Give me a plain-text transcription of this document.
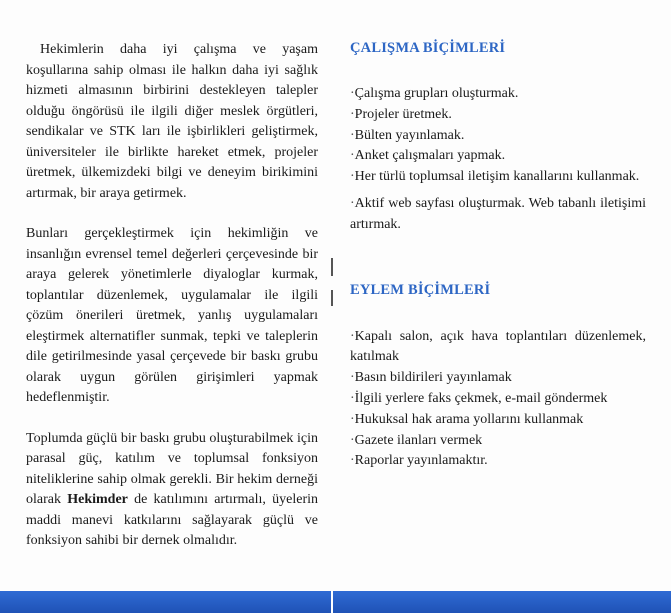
Hekimlerin daha iyi çalışma ve yaşam koşullarına sahip olması ile halkın daha iyi sağlık hizmeti almasının birbirini destekleyen talepler olduğu öngörüsü ile ilgili diğer meslek örgütleri, sendikalar ve STK ları ile işbirlikleri geliştirmek, üniversiteler ile birlikte hareket etmek, projeler üretmek, ülkemizdeki bilgi ve deneyim birikimini artırmak, bir araya getirmek.

Bunları gerçekleştirmek için hekimliğin ve insanlığın evrensel temel değerleri çerçevesinde bir araya gelerek yönetimlerle diyaloglar kurmak, toplantılar düzenlemek, uygulamalar ile ilgili çözüm önerileri üretmek, yanlış uygulamaları eleştirmek alternatifler sunmak, tepki ve taleplerin dile getirilmesinde yasal çerçevede bir baskı grubu olarak uygun görülen girişimleri yapmak hedeflenmiştir.

Toplumda güçlü bir baskı grubu oluşturabilmek için parasal güç, katılım ve toplumsal fonksiyon niteliklerine sahip olmak gerekli. Bir hekim derneği olarak Hekimder de katılımını artırmalı, üyelerin maddi manevi katkılarını sağlayarak güçlü ve fonksiyon sahibi bir dernek olmalıdır.

ÇALIŞMA BİÇİMLERİ
·Çalışma grupları oluşturmak.
·Projeler üretmek.
·Bülten yayınlamak.
·Anket çalışmaları yapmak.
·Her türlü toplumsal iletişim kanallarını kullanmak.
·Aktif web sayfası oluşturmak. Web tabanlı iletişimi artırmak.
EYLEM BİÇİMLERİ
·Kapalı salon, açık hava toplantıları düzenlemek, katılmak
·Basın bildirileri yayınlamak
·İlgili yerlere faks çekmek, e-mail göndermek
·Hukuksal hak arama yollarını kullanmak
·Gazete ilanları vermek
·Raporlar yayınlamaktır.
